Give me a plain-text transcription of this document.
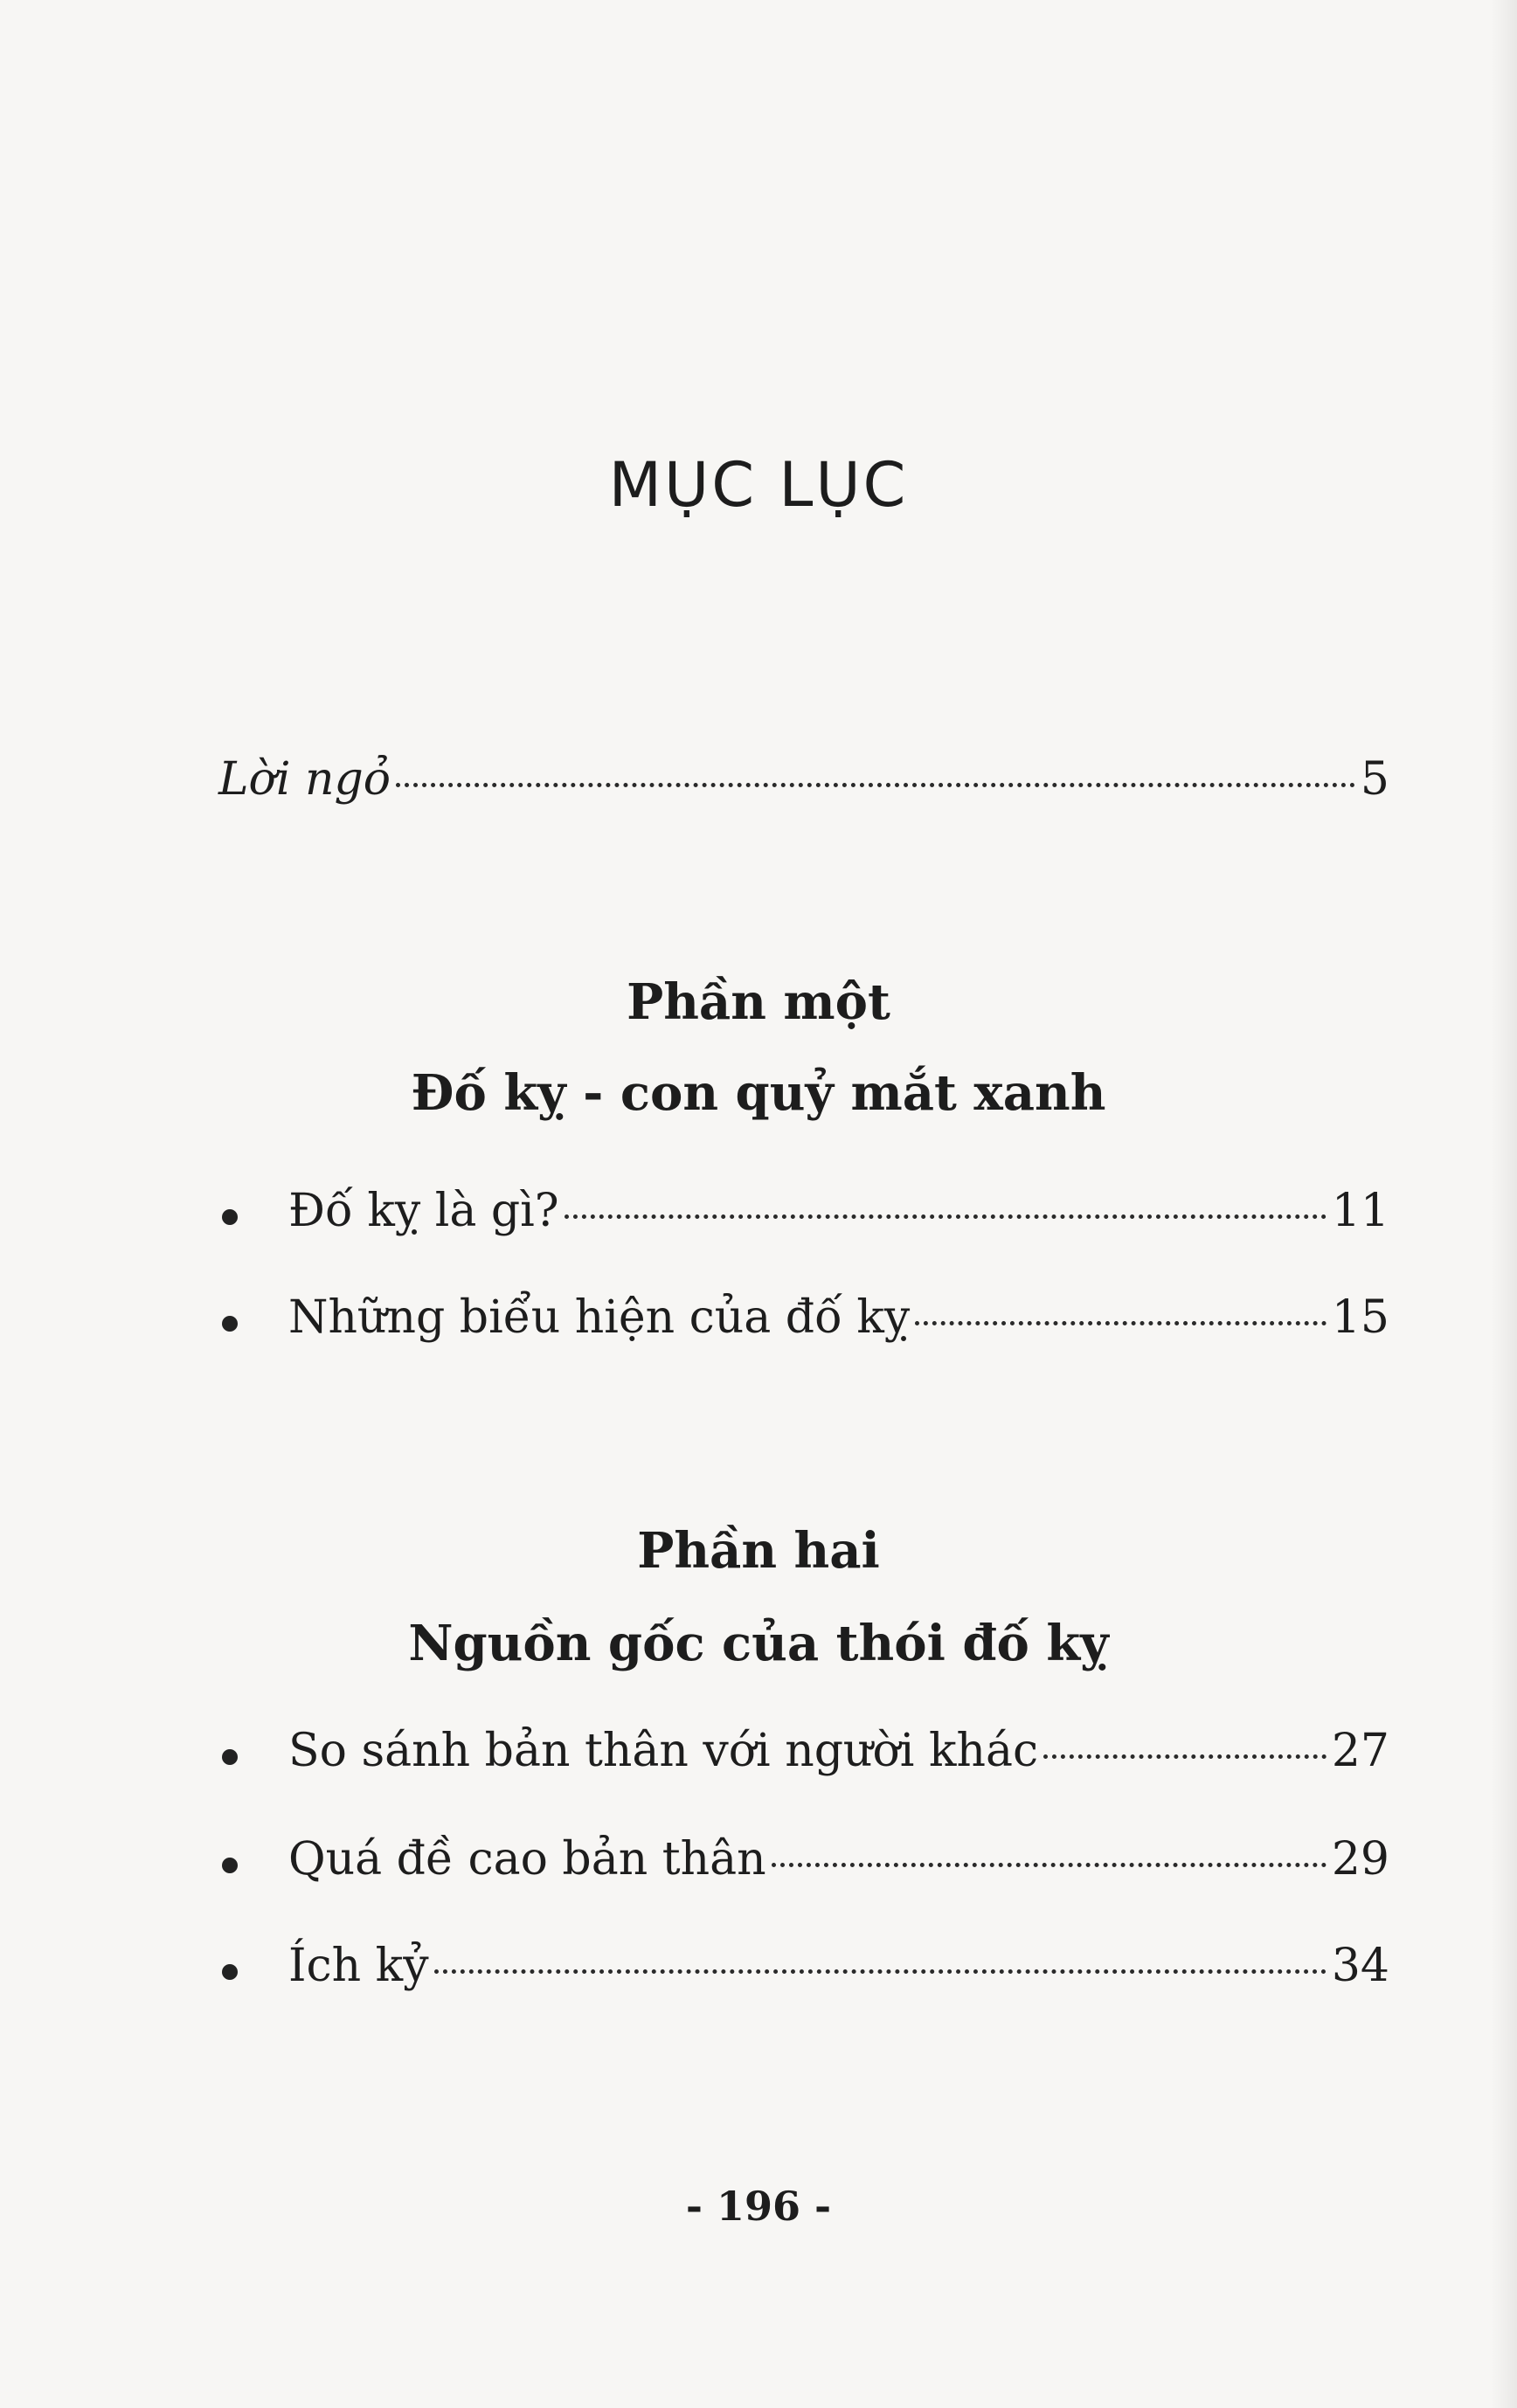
MỤC LỤC
Lời ngỏ	5
Phần một
Đố kỵ - con quỷ mắt xanh
Đố kỵ là gì?	11
Những biểu hiện của đố kỵ	15
Phần hai
Nguồn gốc của thói đố kỵ
So sánh bản thân với người khác	27
Quá đề cao bản thân	29
Ích kỷ	34
- 196 -
